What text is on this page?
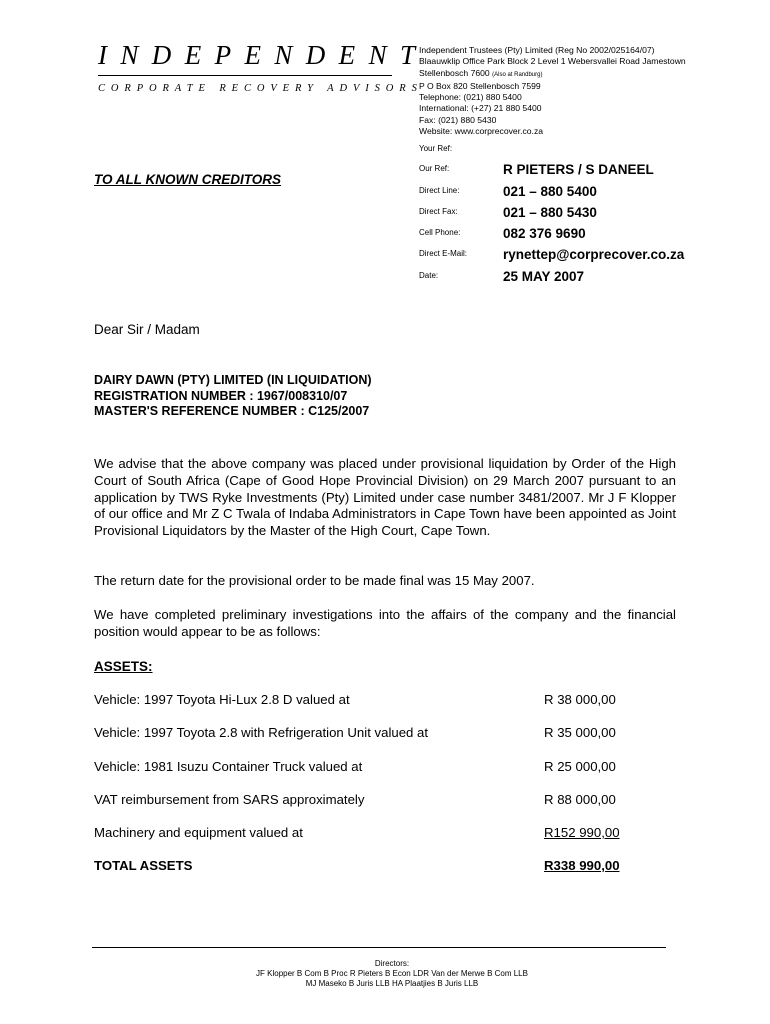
INDEPENDENT
CORPORATE RECOVERY ADVISORS
Independent Trustees (Pty) Limited (Reg No 2002/025164/07)
Blaauwklip Office Park Block 2 Level 1 Webersvallei Road Jamestown
Stellenbosch 7600 (Also at Randburg)
P O Box 820 Stellenbosch 7599
Telephone: (021) 880 5400
International: (+27) 21 880 5400
Fax: (021) 880 5430
Website: www.corprecover.co.za
Your Ref:
Our Ref:	R PIETERS / S DANEEL
Direct Line:	021 – 880 5400
Direct Fax:	021 – 880 5430
Cell Phone:	082 376 9690
Direct E-Mail:	rynettep@corprecover.co.za
Date:	25 MAY 2007
TO ALL KNOWN CREDITORS
Dear Sir / Madam
DAIRY DAWN (PTY) LIMITED (IN LIQUIDATION)
REGISTRATION NUMBER : 1967/008310/07
MASTER'S REFERENCE NUMBER : C125/2007
We advise that the above company was placed under provisional liquidation by Order of the High Court of South Africa (Cape of Good Hope Provincial Division) on 29 March 2007 pursuant to an application by TWS Ryke Investments (Pty) Limited under case number 3481/2007. Mr J F Klopper of our office and Mr Z C Twala of Indaba Administrators in Cape Town have been appointed as Joint Provisional Liquidators by the Master of the High Court, Cape Town.
The return date for the provisional order to be made final was 15 May 2007.
We have completed preliminary investigations into the affairs of the company and the financial position would appear to be as follows:
ASSETS:
Vehicle: 1997 Toyota Hi-Lux 2.8 D valued at	R 38 000,00
Vehicle: 1997 Toyota 2.8 with Refrigeration Unit valued at	R 35 000,00
Vehicle: 1981 Isuzu Container Truck valued at	R 25 000,00
VAT reimbursement from SARS approximately	R 88 000,00
Machinery and equipment valued at	R152 990,00
TOTAL ASSETS	R338 990,00
Directors:
JF Klopper B Com B Proc R Pieters B Econ LDR Van der Merwe B Com LLB
MJ Maseko B Juris LLB HA Plaatjies B Juris LLB
